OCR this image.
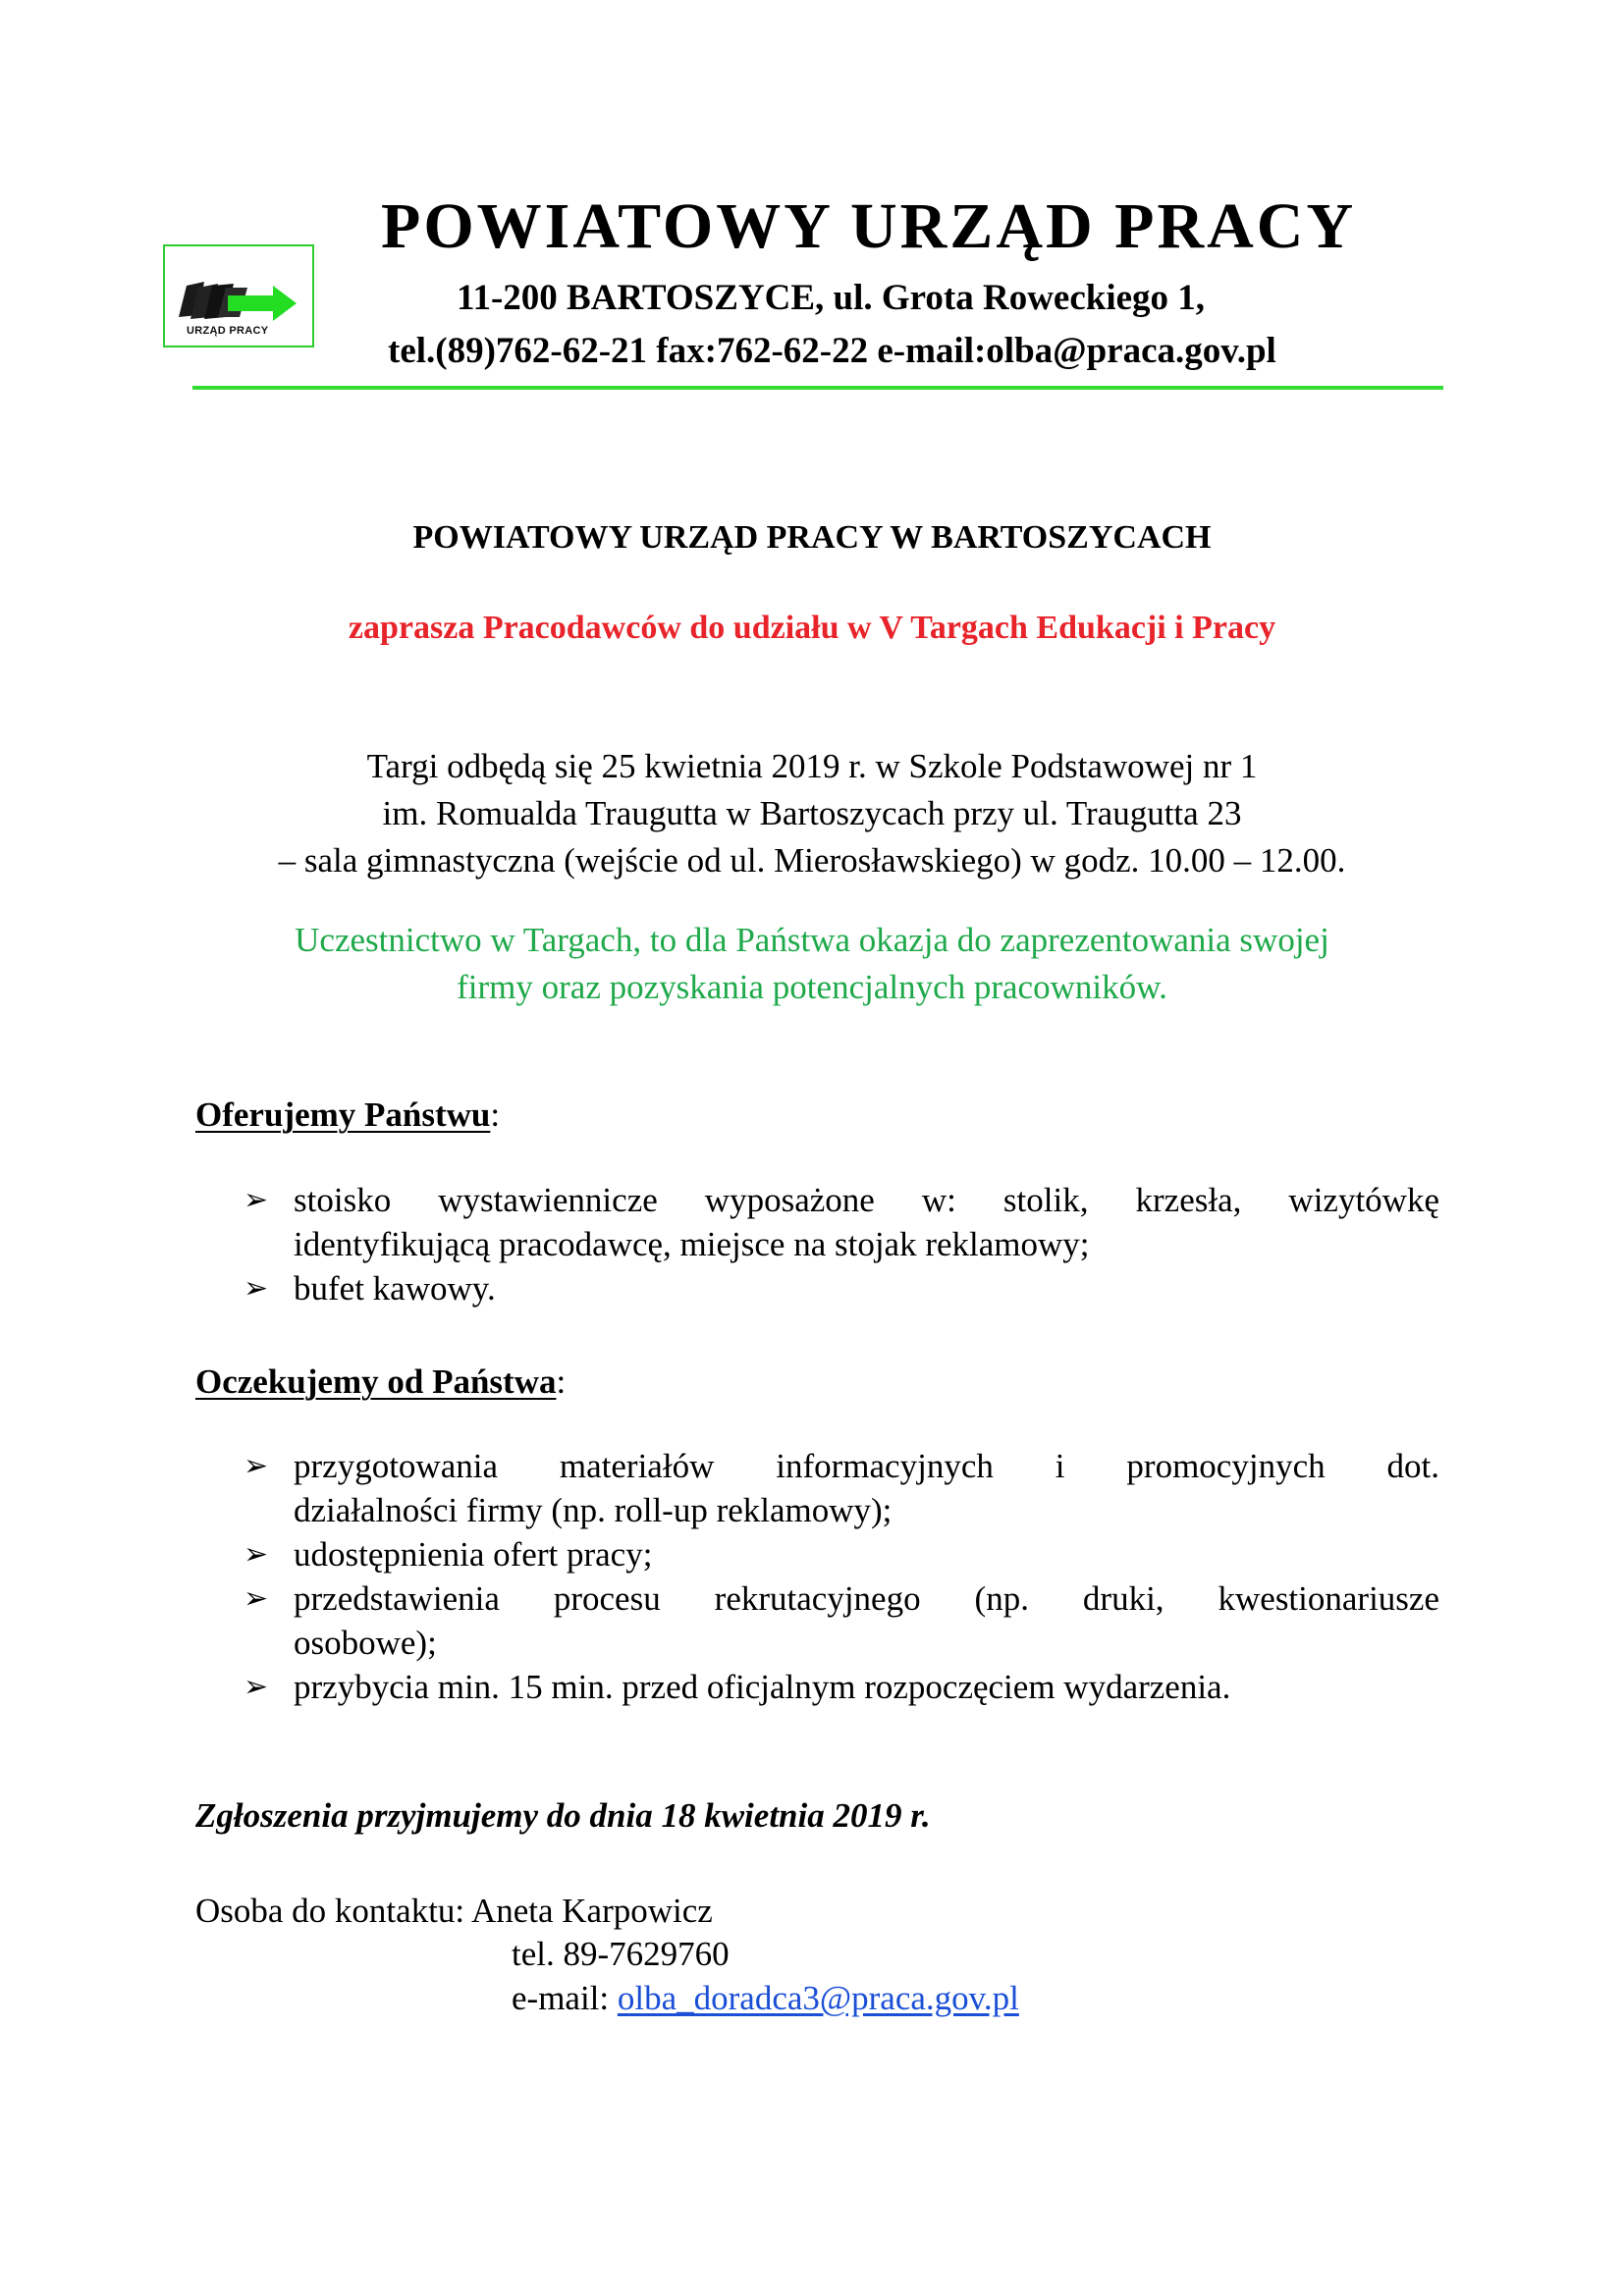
URZĄD PRACY
POWIATOWY URZĄD PRACY
11-200 BARTOSZYCE, ul. Grota Roweckiego 1,
tel.(89)762-62-21 fax:762-62-22 e-mail:olba@praca.gov.pl
POWIATOWY URZĄD PRACY W BARTOSZYCACH
zaprasza Pracodawców do udziału w V Targach Edukacji i Pracy
Targi odbędą się 25 kwietnia 2019 r. w Szkole Podstawowej nr 1
im. Romualda Traugutta w Bartoszycach przy ul. Traugutta 23
– sala gimnastyczna (wejście od ul. Mierosławskiego) w godz. 10.00 – 12.00.
Uczestnictwo w Targach, to dla Państwa okazja do zaprezentowania swojej
firmy oraz pozyskania potencjalnych pracowników.
Oferujemy Państwu:
➢ stoisko wystawiennicze wyposażone w: stolik, krzesła, wizytówkę
identyfikującą pracodawcę, miejsce na stojak reklamowy;
➢ bufet kawowy.
Oczekujemy od Państwa:
➢ przygotowania materiałów informacyjnych i promocyjnych dot.
działalności firmy (np. roll-up reklamowy);
➢ udostępnienia ofert pracy;
➢ przedstawienia procesu rekrutacyjnego (np. druki, kwestionariusze
osobowe);
➢ przybycia min. 15 min. przed oficjalnym rozpoczęciem wydarzenia.
Zgłoszenia przyjmujemy do dnia 18 kwietnia 2019 r.
Osoba do kontaktu: Aneta Karpowicz
tel. 89-7629760
e-mail: olba_doradca3@praca.gov.pl
